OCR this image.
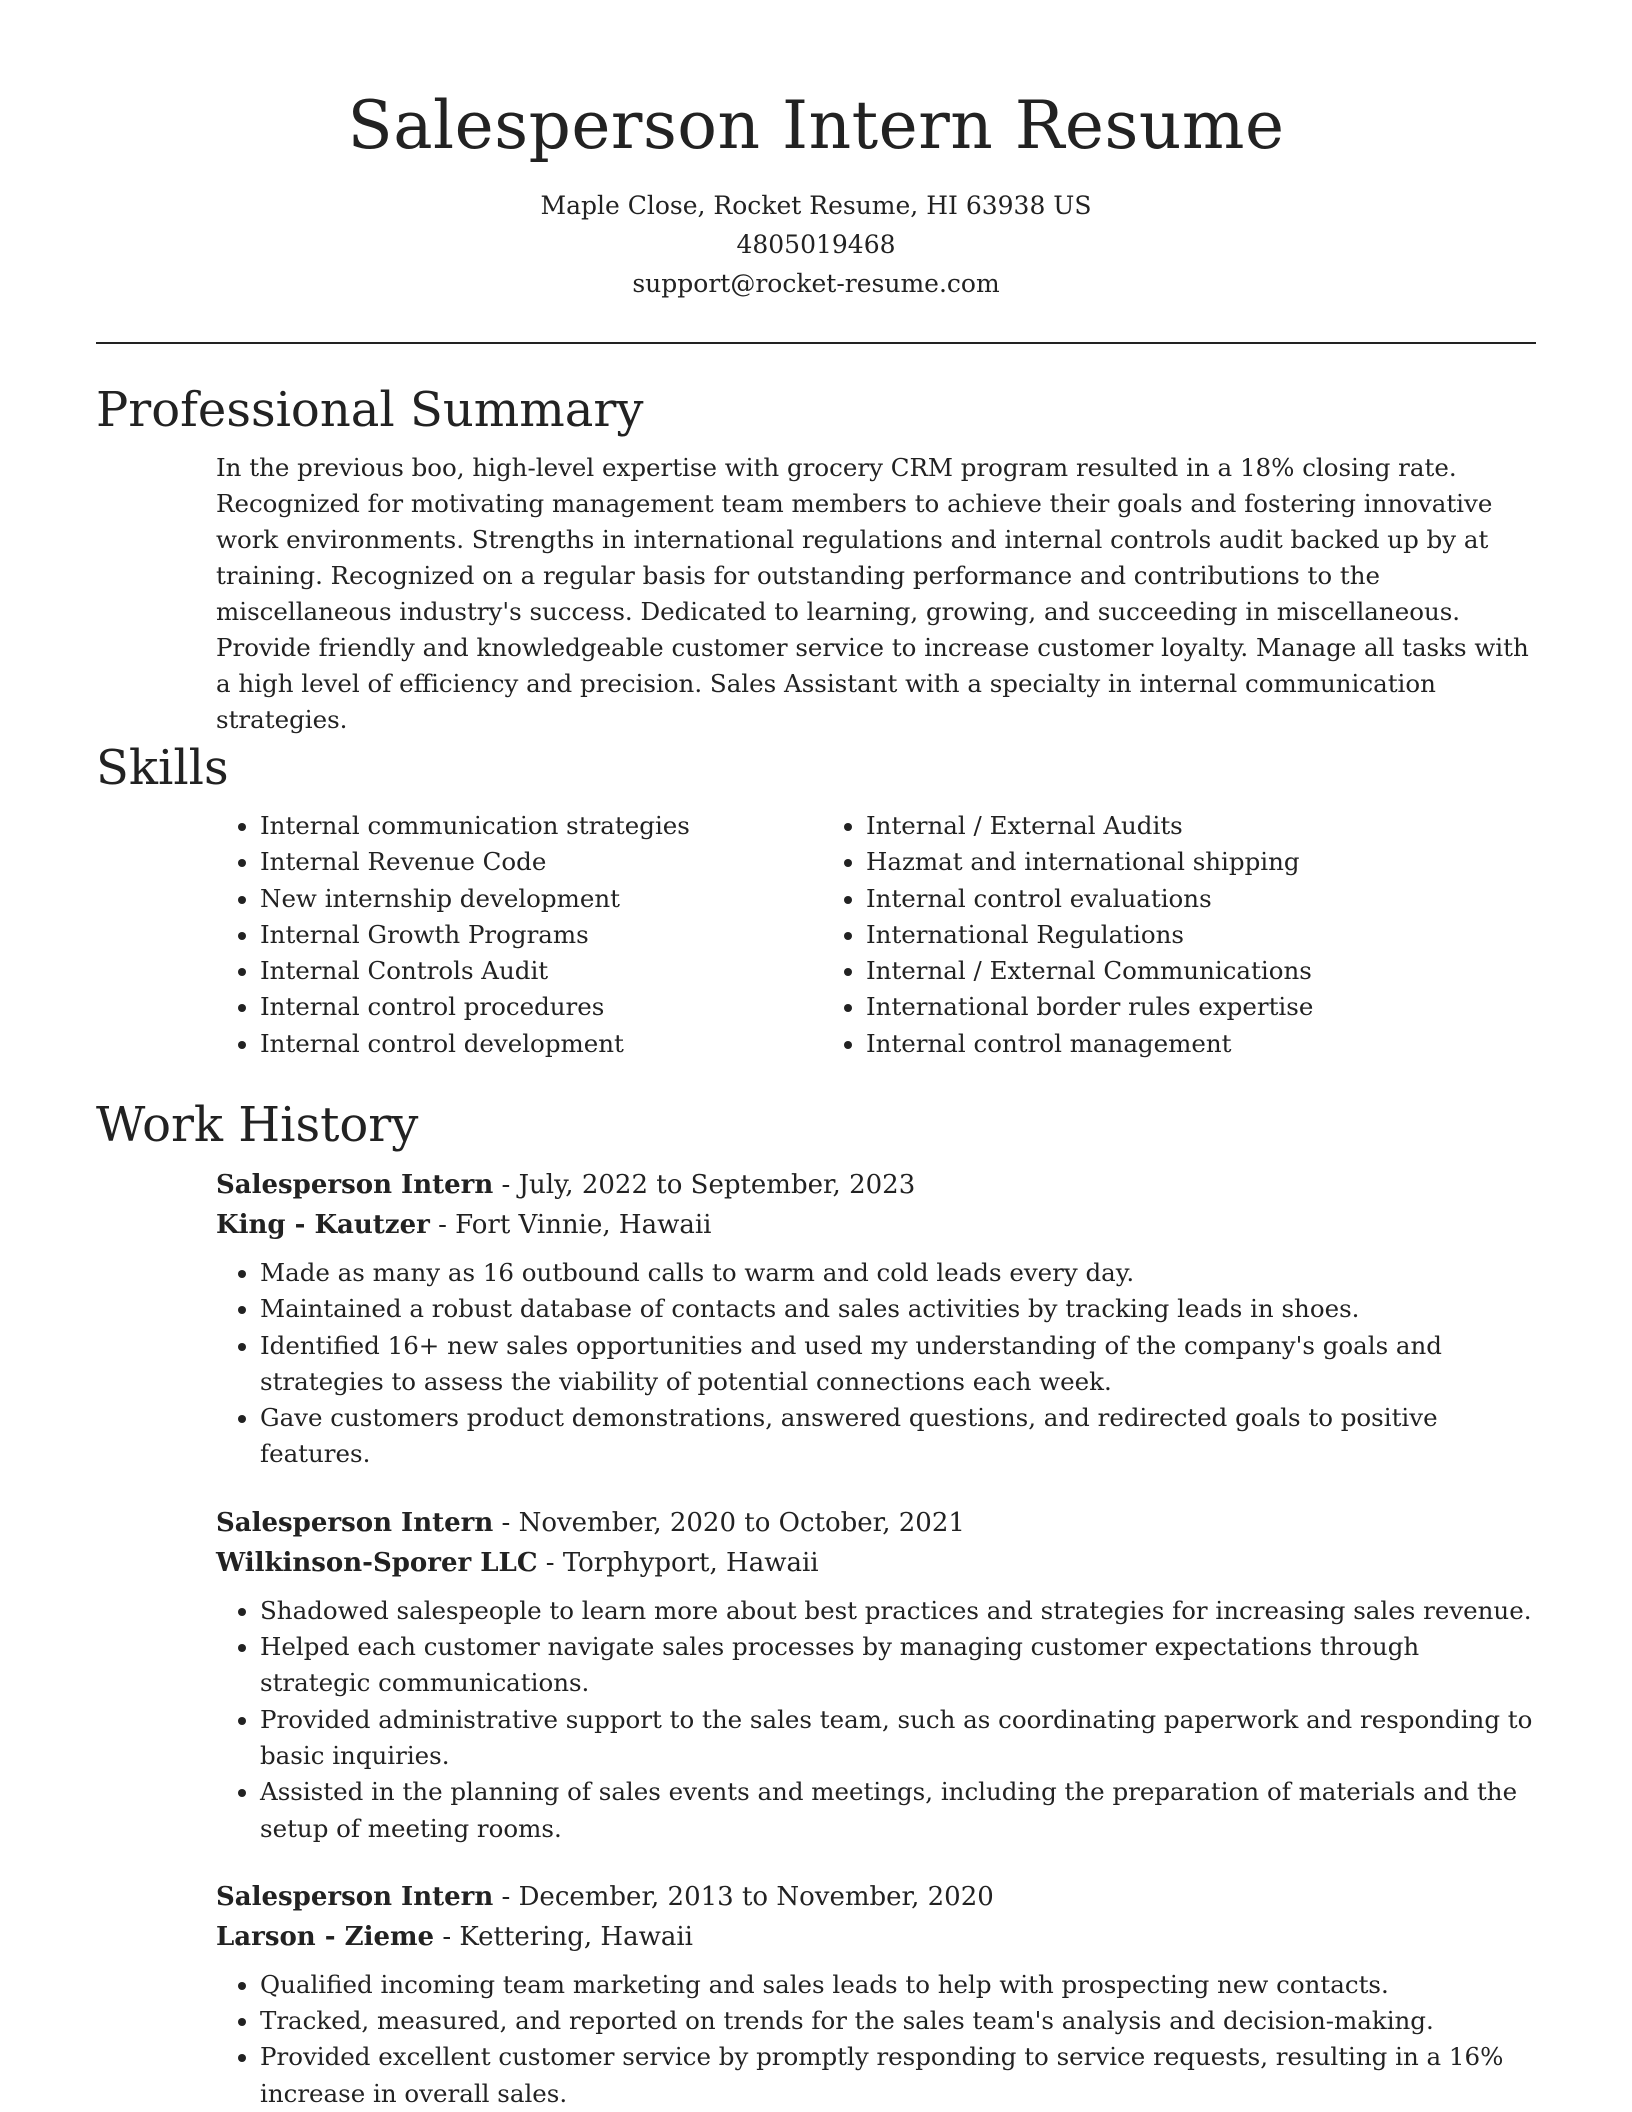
Salesperson Intern Resume
Maple Close, Rocket Resume, HI 63938 US
4805019468
support@rocket-resume.com
Professional Summary

In the previous boo, high-level expertise with grocery CRM program resulted in a 18% closing rate. Recognized for motivating management team members to achieve their goals and fostering innovative work environments. Strengths in international regulations and internal controls audit backed up by at training. Recognized on a regular basis for outstanding performance and contributions to the miscellaneous industry's success. Dedicated to learning, growing, and succeeding in miscellaneous. Provide friendly and knowledgeable customer service to increase customer loyalty. Manage all tasks with a high level of efficiency and precision. Sales Assistant with a specialty in internal communication strategies.

Skills
• Internal communication strategies
• Internal Revenue Code
• New internship development
• Internal Growth Programs
• Internal Controls Audit
• Internal control procedures
• Internal control development
• Internal / External Audits
• Hazmat and international shipping
• Internal control evaluations
• International Regulations
• Internal / External Communications
• International border rules expertise
• Internal control management
Work History
Salesperson Intern - July, 2022 to September, 2023
King - Kautzer - Fort Vinnie, Hawaii
• Made as many as 16 outbound calls to warm and cold leads every day.
• Maintained a robust database of contacts and sales activities by tracking leads in shoes.
• Identified 16+ new sales opportunities and used my understanding of the company's goals and strategies to assess the viability of potential connections each week.
• Gave customers product demonstrations, answered questions, and redirected goals to positive features.
Salesperson Intern - November, 2020 to October, 2021
Wilkinson-Sporer LLC - Torphyport, Hawaii
• Shadowed salespeople to learn more about best practices and strategies for increasing sales revenue.
• Helped each customer navigate sales processes by managing customer expectations through strategic communications.
• Provided administrative support to the sales team, such as coordinating paperwork and responding to basic inquiries.
• Assisted in the planning of sales events and meetings, including the preparation of materials and the setup of meeting rooms.
Salesperson Intern - December, 2013 to November, 2020
Larson - Zieme - Kettering, Hawaii
• Qualified incoming team marketing and sales leads to help with prospecting new contacts.
• Tracked, measured, and reported on trends for the sales team's analysis and decision-making.
• Provided excellent customer service by promptly responding to service requests, resulting in a 16% increase in overall sales.
